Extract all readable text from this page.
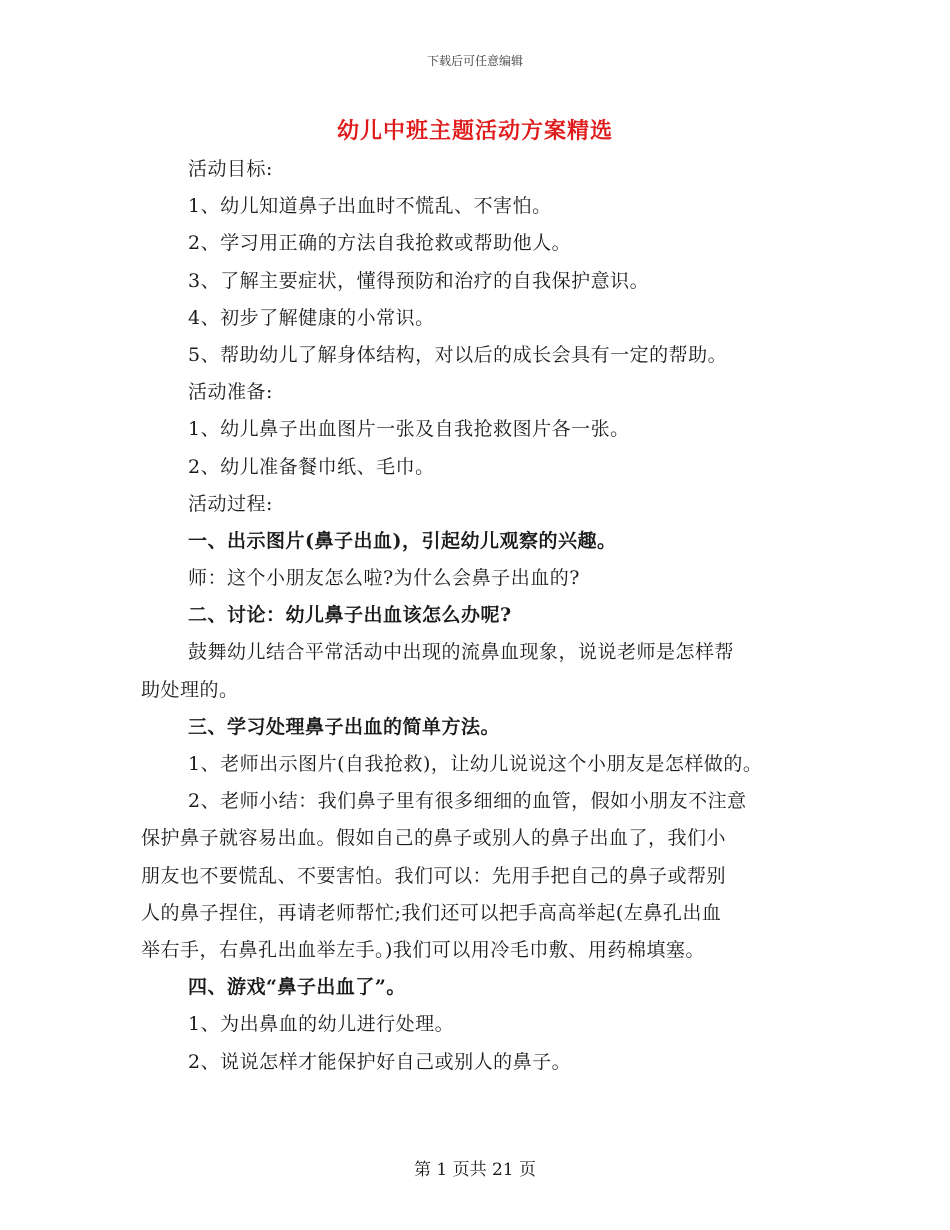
下载后可任意编辑
幼儿中班主题活动方案精选
活动目标:
1、幼儿知道鼻子出血时不慌乱、不害怕。
2、学习用正确的方法自我抢救或帮助他人。
3、了解主要症状，懂得预防和治疗的自我保护意识。
4、初步了解健康的小常识。
5、帮助幼儿了解身体结构，对以后的成长会具有一定的帮助。
活动准备:
1、幼儿鼻子出血图片一张及自我抢救图片各一张。
2、幼儿准备餐巾纸、毛巾。
活动过程:
一、出示图片(鼻子出血)，引起幼儿观察的兴趣。
师：这个小朋友怎么啦?为什么会鼻子出血的?
二、讨论：幼儿鼻子出血该怎么办呢?
鼓舞幼儿结合平常活动中出现的流鼻血现象，说说老师是怎样帮
助处理的。
三、学习处理鼻子出血的简单方法。
1、老师出示图片(自我抢救)，让幼儿说说这个小朋友是怎样做的。
2、老师小结：我们鼻子里有很多细细的血管，假如小朋友不注意
保护鼻子就容易出血。假如自己的鼻子或别人的鼻子出血了，我们小
朋友也不要慌乱、不要害怕。我们可以：先用手把自己的鼻子或帮别
人的鼻子捏住，再请老师帮忙;我们还可以把手高高举起(左鼻孔出血
举右手，右鼻孔出血举左手。)我们可以用冷毛巾敷、用药棉填塞。
四、游戏“鼻子出血了”。
1、为出鼻血的幼儿进行处理。
2、说说怎样才能保护好自己或别人的鼻子。
第 1 页共 21 页
